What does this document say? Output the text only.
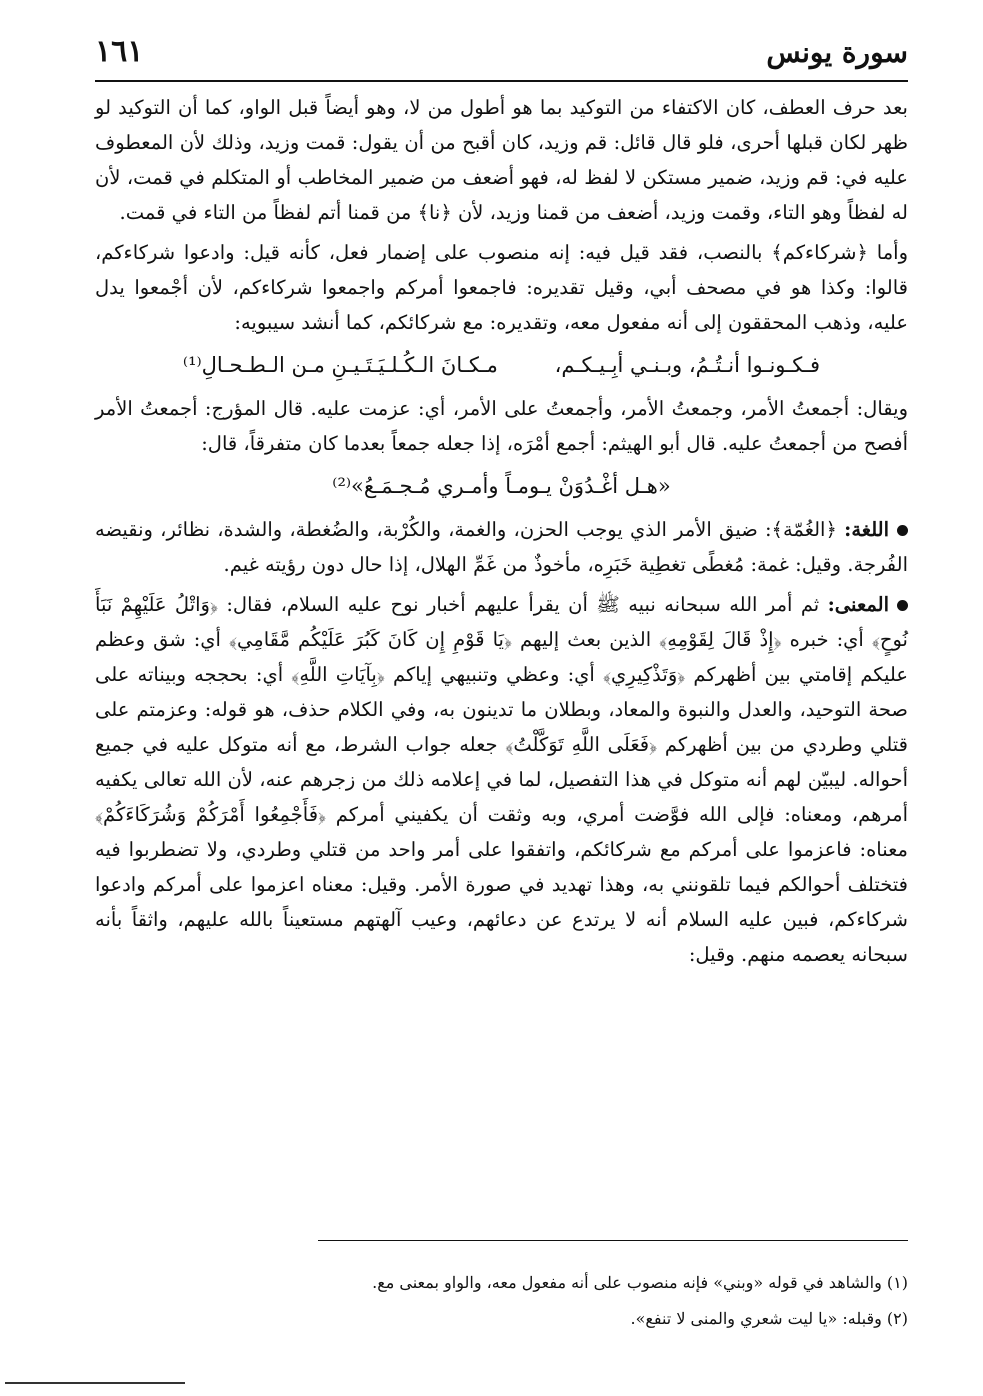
سورة يونس
١٦١

بعد حرف العطف، كان الاكتفاء من التوكيد بما هو أطول من لا، وهو أيضاً قبل الواو، كما أن التوكيد لو ظهر لكان قبلها أحرى، فلو قال قائل: قم وزيد، كان أقبح من أن يقول: قمت وزيد، وذلك لأن المعطوف عليه في: قم وزيد، ضمير مستكن لا لفظ له، فهو أضعف من ضمير المخاطب أو المتكلم في قمت، لأن له لفظاً وهو التاء، وقمت وزيد، أضعف من قمنا وزيد، لأن ﴿نا﴾ من قمنا أتم لفظاً من التاء في قمت.

وأما ﴿شركاءكم﴾ بالنصب، فقد قيل فيه: إنه منصوب على إضمار فعل، كأنه قيل: وادعوا شركاءكم، قالوا: وكذا هو في مصحف أبي، وقيل تقديره: فاجمعوا أمركم واجمعوا شركاءكم، لأن أجْمعوا يدل عليه، وذهب المحققون إلى أنه مفعول معه، وتقديره: مع شركائكم، كما أنشد سيبويه:

فـكـونـوا أنـتُـمُ، وبـنـي أبِـيـكـم، مـكـانَ الـكُـلـيَـتَـيـنِ مـن الـطـحـالِ⁽¹⁾

ويقال: أجمعتُ الأمر، وجمعتُ الأمر، وأجمعتُ على الأمر، أي: عزمت عليه. قال المؤرج: أجمعتُ الأمر أفصح من أجمعتُ عليه. قال أبو الهيثم: أجمع أمْرَه، إذا جعله جمعاً بعدما كان متفرقاً، قال:

«هـل أغْـدُوَنْ يـومـاً وأمـري مُـجـمَـعُ»⁽²⁾

اللغة: ﴿الغُمّة﴾: ضيق الأمر الذي يوجب الحزن، والغمة، والكُرْبة، والضُغطة، والشدة، نظائر، ونقيضه الفُرجة. وقيل: غمة: مُغطًى تغطِية خَبَرِه، مأخوذٌ من غَمِّ الهلال، إذا حال دون رؤيته غيم.

المعنى: ثم أمر الله سبحانه نبيه ﷺ أن يقرأ عليهم أخبار نوح عليه السلام، فقال: ﴿وَاتْلُ عَلَيْهِمْ نَبَأَ نُوحٍ﴾ أي: خبره ﴿إِذْ قَالَ لِقَوْمِهِ﴾ الذين بعث إليهم ﴿يَا قَوْمِ إِن كَانَ كَبُرَ عَلَيْكُم مَّقَامِي﴾ أي: شق وعظم عليكم إقامتي بين أظهركم ﴿وَتَذْكِيرِي﴾ أي: وعظي وتنبيهي إياكم ﴿بِآيَاتِ اللَّهِ﴾ أي: بحججه وبيناته على صحة التوحيد، والعدل والنبوة والمعاد، وبطلان ما تدينون به، وفي الكلام حذف، هو قوله: وعزمتم على قتلي وطردي من بين أظهركم ﴿فَعَلَى اللَّهِ تَوَكَّلْتُ﴾ جعله جواب الشرط، مع أنه متوكل عليه في جميع أحواله. ليبيّن لهم أنه متوكل في هذا التفصيل، لما في إعلامه ذلك من زجرهم عنه، لأن الله تعالى يكفيه أمرهم، ومعناه: فإلى الله فوَّضت أمري، وبه وثقت أن يكفيني أمركم ﴿فَأَجْمِعُوا أَمْرَكُمْ وَشُرَكَاءَكُمْ﴾ معناه: فاعزموا على أمركم مع شركائكم، واتفقوا على أمر واحد من قتلي وطردي، ولا تضطربوا فيه فتختلف أحوالكم فيما تلقونني به، وهذا تهديد في صورة الأمر. وقيل: معناه اعزموا على أمركم وادعوا شركاءكم، فبين عليه السلام أنه لا يرتدع عن دعائهم، وعيب آلهتهم مستعيناً بالله عليهم، واثقاً بأنه سبحانه يعصمه منهم. وقيل:

(١) والشاهد في قوله «وبني» فإنه منصوب على أنه مفعول معه، والواو بمعنى مع.
(٢) وقبله: «يا ليت شعري والمنى لا تنفع».
